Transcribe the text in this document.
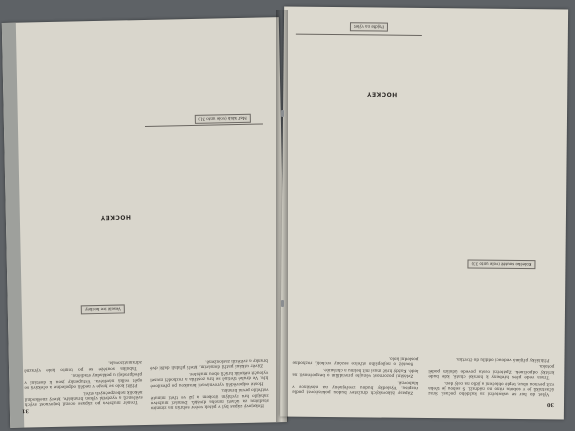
31	Hokejový zápas byl v pátek večer sehrán na zimním stadiónu za účasti mnoha diváků. Domácí mužstvo zahájilo hru rychlým útokem a již ve třetí minutě vstřelilo první branku.

Hosté odpověděli vyrovnávací brankou po přesilové hře. Ve druhé třetině se hra zostřila a rozhodčí musel vyloučit několik hráčů obou mužstev.

Závěr utkání patřil domácím, kteří přidali další dvě branky a zvítězili zaslouženě.

HOCKEY

Trenér mužstva po zápase ocenil bojovnost svých svěřenců a vyzdvihl výkon brankáře, který zneškodnil několik nebezpečných střel.

Příští kolo se hraje v neděli odpoledne a očekává se opět velká návštěva. Vstupenky jsou k dostání v předprodeji u pokladny stadiónu.

Tabulka soutěže se po tomto kole výrazně zdramatizovala.

Veselé ice hockey
Mal' klub (vole unto 31)
30

Výlet do hor se uskuteční za každého počasí. Sraz účastníků je v sobotu ráno na nádraží. S sebou je třeba vzít pevnou obuv, teplé oblečení a jídlo na celý den.

Trasa vede přes hřebeny k horské chatě, kde bude krátký odpočinek. Zpáteční cesta povede údolím podél potoka.

Přihlášky přijímá vedoucí oddílu do čtvrtka.

HOCKEY

Zápasy žákovských družstev budou pokračovat podle rozpisu. Výsledky budou zveřejněny na nástěnce v klubovně.

Zvláštní pozornost věnujte pravidlům o bezpečnosti na ledě. Každý hráč musí mít helmu a chrániče.

Soutěž o nejlepšího střelce sezóny vrcholí, rozhodne poslední kolo.

Pojďte na výlet
Kolečko soutěž (vole unto 33)
